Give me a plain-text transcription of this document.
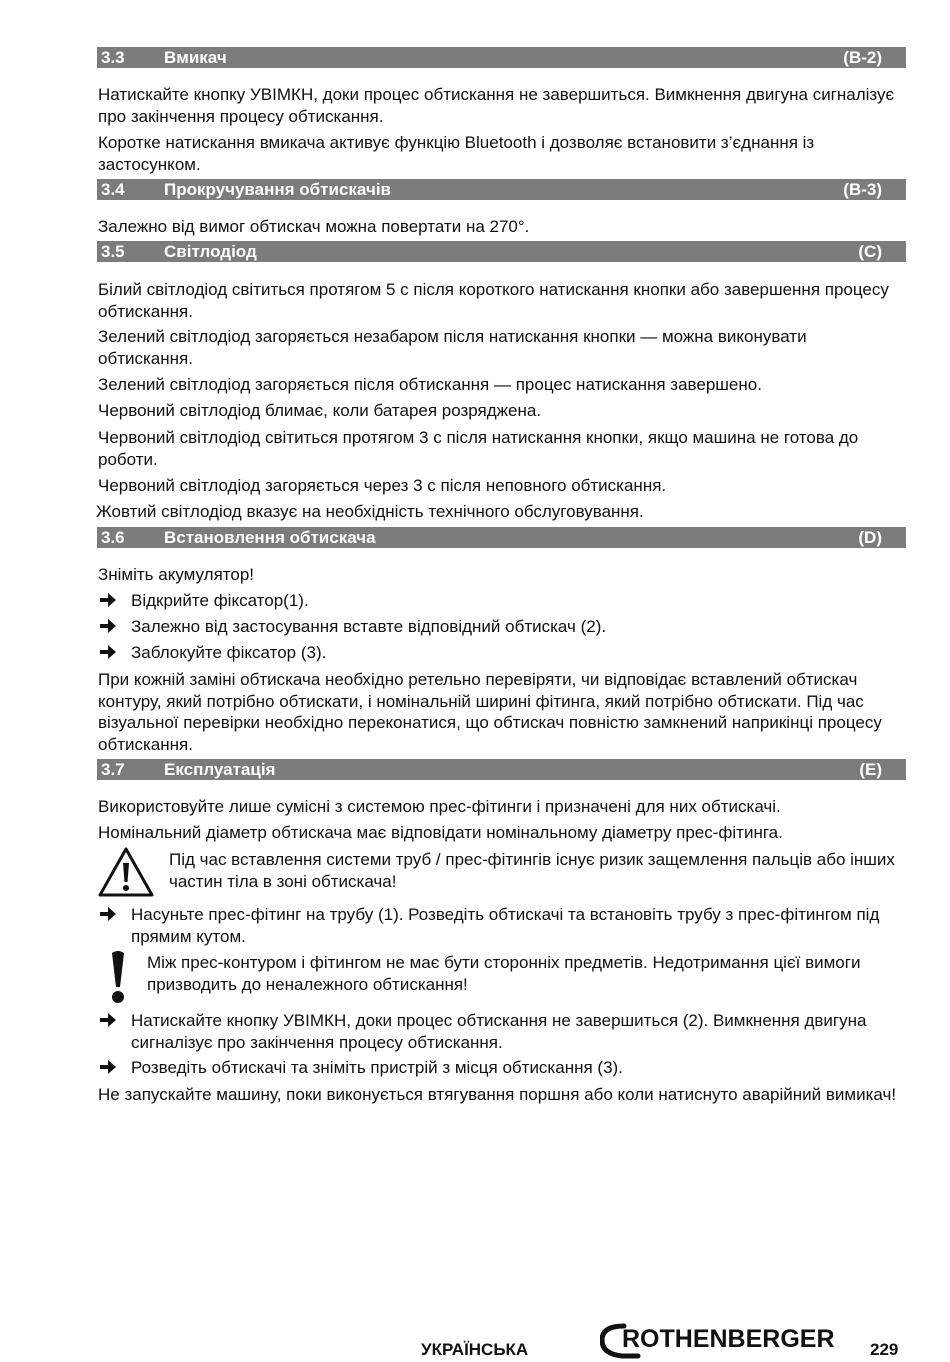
3.3 Вмикач	(B-2)
Натискайте кнопку УВІМКН, доки процес обтискання не завершиться. Вимкнення двигуна сигналізує про закінчення процесу обтискання.
Коротке натискання вмикача активує функцію Bluetooth і дозволяє встановити з’єднання із застосунком.
3.4 Прокручування обтискачів	(B-3)
Залежно від вимог обтискач можна повертати на 270°.
3.5 Світлодіод	(C)
Білий світлодіод світиться протягом 5 с після короткого натискання кнопки або завершення процесу обтискання.
Зелений світлодіод загоряється незабаром після натискання кнопки — можна виконувати обтискання.
Зелений світлодіод загоряється після обтискання — процес натискання завершено.
Червоний світлодіод блимає, коли батарея розряджена.
Червоний світлодіод світиться протягом 3 с після натискання кнопки, якщо машина не готова до роботи.
Червоний світлодіод загоряється через 3 с після неповного обтискання.
Жовтий світлодіод вказує на необхідність технічного обслуговування.
3.6 Встановлення обтискача	(D)
Зніміть акумулятор!
Відкрийте фіксатор(1).
Залежно від застосування вставте відповідний обтискач (2).
Заблокуйте фіксатор (3).
При кожній заміні обтискача необхідно ретельно перевіряти, чи відповідає вставлений обтискач контуру, який потрібно обтискати, і номінальній ширині фітинга, який потрібно обтискати. Під час візуальної перевірки необхідно переконатися, що обтискач повністю замкнений наприкінці процесу обтискання.
3.7 Експлуатація	(E)
Використовуйте лише сумісні з системою прес-фітинги і призначені для них обтискачі.
Номінальний діаметр обтискача має відповідати номінальному діаметру прес-фітинга.
Під час вставлення системи труб / прес-фітингів існує ризик защемлення пальців або інших частин тіла в зоні обтискача!
Насуньте прес-фітинг на трубу (1). Розведіть обтискачі та встановіть трубу з прес-фітингом під прямим кутом.
Між прес-контуром і фітингом не має бути сторонніх предметів. Недотримання цієї вимоги призводить до неналежного обтискання!
Натискайте кнопку УВІМКН, доки процес обтискання не завершиться (2). Вимкнення двигуна сигналізує про закінчення процесу обтискання.
Розведіть обтискачі та зніміть пристрій з місця обтискання (3).
Не запускайте машину, поки виконується втягування поршня або коли натиснуто аварійний вимикач!
УКРАЇНСЬКА	ROTHENBERGER 229
